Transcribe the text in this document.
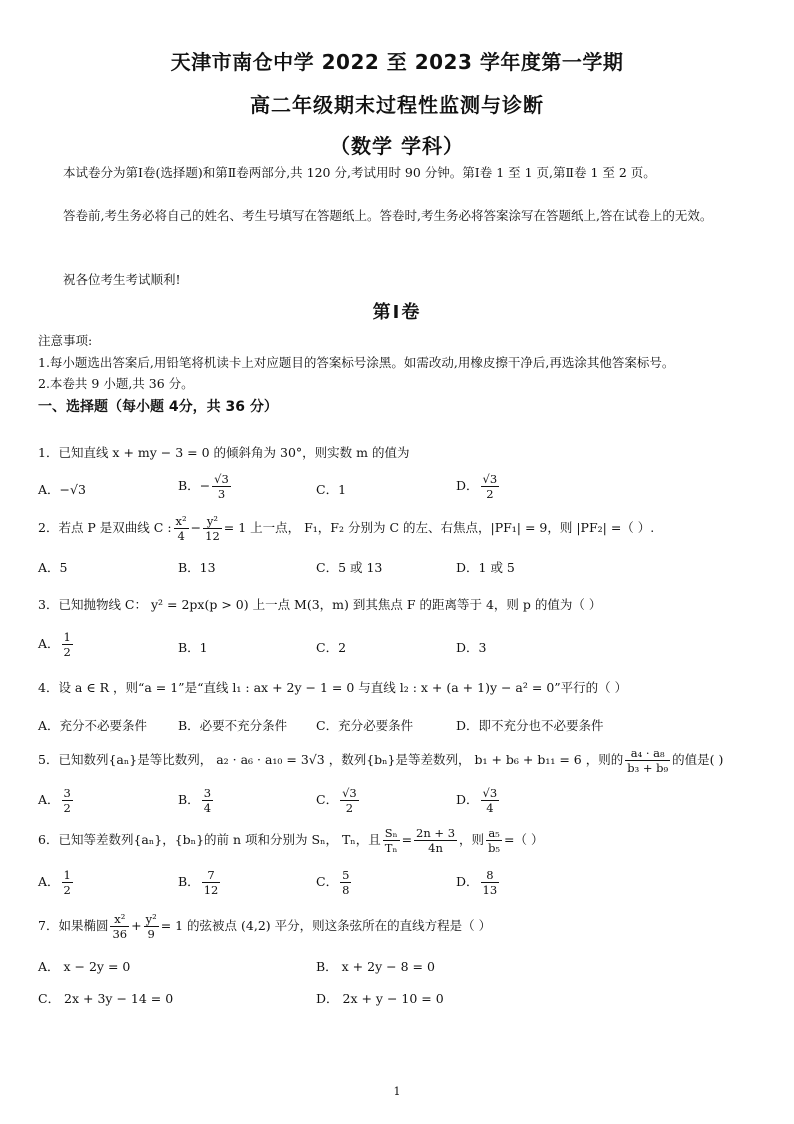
天津市南仓中学 2022 至 2023 学年度第一学期
高二年级期末过程性监测与诊断
（数学 学科）
本试卷分为第Ⅰ卷(选择题)和第Ⅱ卷两部分,共 120 分,考试用时 90 分钟。第Ⅰ卷 1 至 1 页,第Ⅱ卷 1 至 2 页。
答卷前,考生务必将自己的姓名、考生号填写在答题纸上。答卷时,考生务必将答案涂写在答题纸上,答在试卷上的无效。
祝各位考生考试顺利!
第Ⅰ卷
注意事项:
1.每小题选出答案后,用铅笔将机读卡上对应题目的答案标号涂黑。如需改动,用橡皮擦干净后,再选涂其他答案标号。
2.本卷共 9 小题,共 36 分。
一、选择题（每小题 4分，共 36 分）
1．已知直线 x + my − 3 = 0 的倾斜角为 30°，则实数 m 的值为
A．−√3	B．− $\frac{√3}{3}$	C．1	D． $\frac{√3}{2}$
2．若点 P 是双曲线 C : $\frac{\text{x²}}{4} - \frac{\text{y²}}{12} = 1$ 上一点， F₁，F₂ 分别为 C 的左、右焦点，|PF₁| = 9，则 |PF₂| =（ ）.
A．5	B．13	C．5 或 13	D．1 或 5
3．已知抛物线 C： y² = 2px(p > 0) 上一点 M(3，m) 到其焦点 F 的距离等于 4，则 p 的值为（ ）
A． $\frac{1}{2}$	B．1	C．2	D．3
4．设 a ∈ R ，则“a = 1”是“直线 l₁ : ax + 2y − 1 = 0 与直线 l₂ : x + (a + 1)y − a² = 0”平行的（ ）
A．充分不必要条件 B．必要不充分条件 C．充分必要条件	D．即不充分也不必要条件
5．已知数列{aₙ}是等比数列， a₂ · a₆ · a₁₀ = 3√3 ，数列{bₙ}是等差数列， b₁ + b₆ + b₁₁ = 6 ，则的 $\frac{\text{a₄ · a₈}}{\text{b₃ + b₉}}$ 的值是( )
A． $\frac{3}{2}$	B． $\frac{3}{4}$	C． $\frac{√3}{2}$	D． $\frac{√3}{4}$
6．已知等差数列{aₙ}，{bₙ}的前 n 项和分别为 Sₙ， Tₙ，且 $\frac{\text{Sₙ}}{\text{Tₙ}} = \frac{2n + 3}{4n}$ ，则 $\frac{\text{a₅}}{\text{b₅}}$ =（ ）
A． $\frac{1}{2}$	B． $\frac{7}{12}$	C． $\frac{5}{8}$	D． $\frac{8}{13}$
7．如果椭圆 $\frac{\text{x²}}{36} + \frac{\text{y²}}{9} = 1$ 的弦被点 (4,2) 平分，则这条弦所在的直线方程是（ ）
A． x − 2y = 0	B． x + 2y − 8 = 0
C． 2x + 3y − 14 = 0	D． 2x + y − 10 = 0
1
